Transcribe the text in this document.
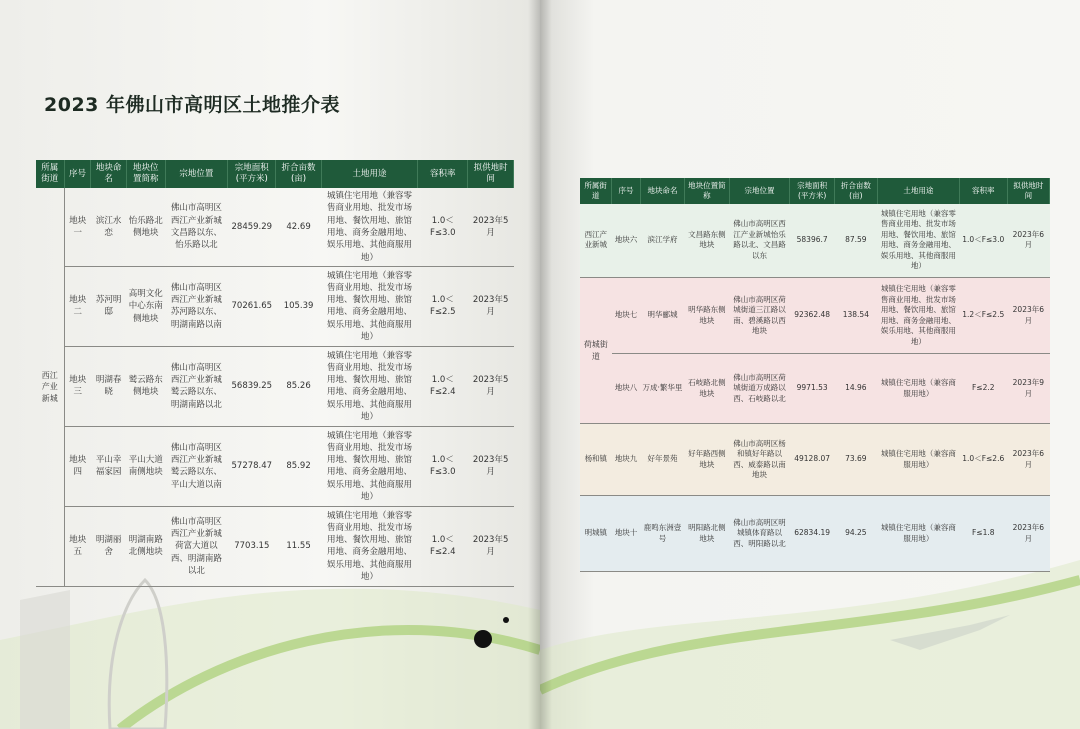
2023 年佛山市高明区土地推介表
所属街道	序号	地块命名	地块位置简称	宗地位置	宗地面积(平方米)	折合亩数(亩)	土地用途	容积率	拟供地时间
西江产业新城	地块一	滨江水恋	怡乐路北侧地块	佛山市高明区西江产业新城文昌路以东、怡乐路以北	28459.29	42.69	城镇住宅用地（兼容零售商业用地、批发市场用地、餐饮用地、旅馆用地、商务金融用地、娱乐用地、其他商服用地）	1.0＜F≤3.0	2023年5月
	地块二	苏河明邸	高明文化中心东南侧地块	佛山市高明区西江产业新城苏河路以东、明湖南路以南	70261.65	105.39	城镇住宅用地（兼容零售商业用地、批发市场用地、餐饮用地、旅馆用地、商务金融用地、娱乐用地、其他商服用地）	1.0＜F≤2.5	2023年5月
	地块三	明湖春晓	鹫云路东侧地块	佛山市高明区西江产业新城鹫云路以东、明湖南路以北	56839.25	85.26	城镇住宅用地（兼容零售商业用地、批发市场用地、餐饮用地、旅馆用地、商务金融用地、娱乐用地、其他商服用地）	1.0＜F≤2.4	2023年5月
	地块四	平山幸福家园	平山大道南侧地块	佛山市高明区西江产业新城鹫云路以东、平山大道以南	57278.47	85.92	城镇住宅用地（兼容零售商业用地、批发市场用地、餐饮用地、旅馆用地、商务金融用地、娱乐用地、其他商服用地）	1.0＜F≤3.0	2023年5月
	地块五	明湖丽舍	明湖南路北侧地块	佛山市高明区西江产业新城荷富大道以西、明湖南路以北	7703.15	11.55	城镇住宅用地（兼容零售商业用地、批发市场用地、餐饮用地、旅馆用地、商务金融用地、娱乐用地、其他商服用地）	1.0＜F≤2.4	2023年5月
所属街道	序号	地块命名	地块位置简称	宗地位置	宗地面积(平方米)	折合亩数(亩)	土地用途	容积率	拟供地时间
西江产业新城	地块六	滨江学府	文昌路东侧地块	佛山市高明区西江产业新城怡乐路以北、文昌路以东	58396.7	87.59	城镇住宅用地（兼容零售商业用地、批发市场用地、餐饮用地、旅馆用地、商务金融用地、娱乐用地、其他商服用地）	1.0＜F≤3.0	2023年6月
荷城街道	地块七	明华郦城	明华路东侧地块	佛山市高明区荷城街道三江路以南、碧溪路以西地块	92362.48	138.54	城镇住宅用地（兼容零售商业用地、批发市场用地、餐饮用地、旅馆用地、商务金融用地、娱乐用地、其他商服用地）	1.2＜F≤2.5	2023年6月
	地块八	万成·繁华里	石岐路北侧地块	佛山市高明区荷城街道万成路以西、石岐路以北	9971.53	14.96	城镇住宅用地（兼容商服用地）	F≤2.2	2023年9月
杨和镇	地块九	好年景苑	好年路西侧地块	佛山市高明区杨和镇好年路以西、威泰路以南地块	49128.07	73.69	城镇住宅用地（兼容商服用地）	1.0＜F≤2.6	2023年6月
明城镇	地块十	鹿鸣东洲壹号	明阳路北侧地块	佛山市高明区明城镇体育路以西、明阳路以北	62834.19	94.25	城镇住宅用地（兼容商服用地）	F≤1.8	2023年6月
